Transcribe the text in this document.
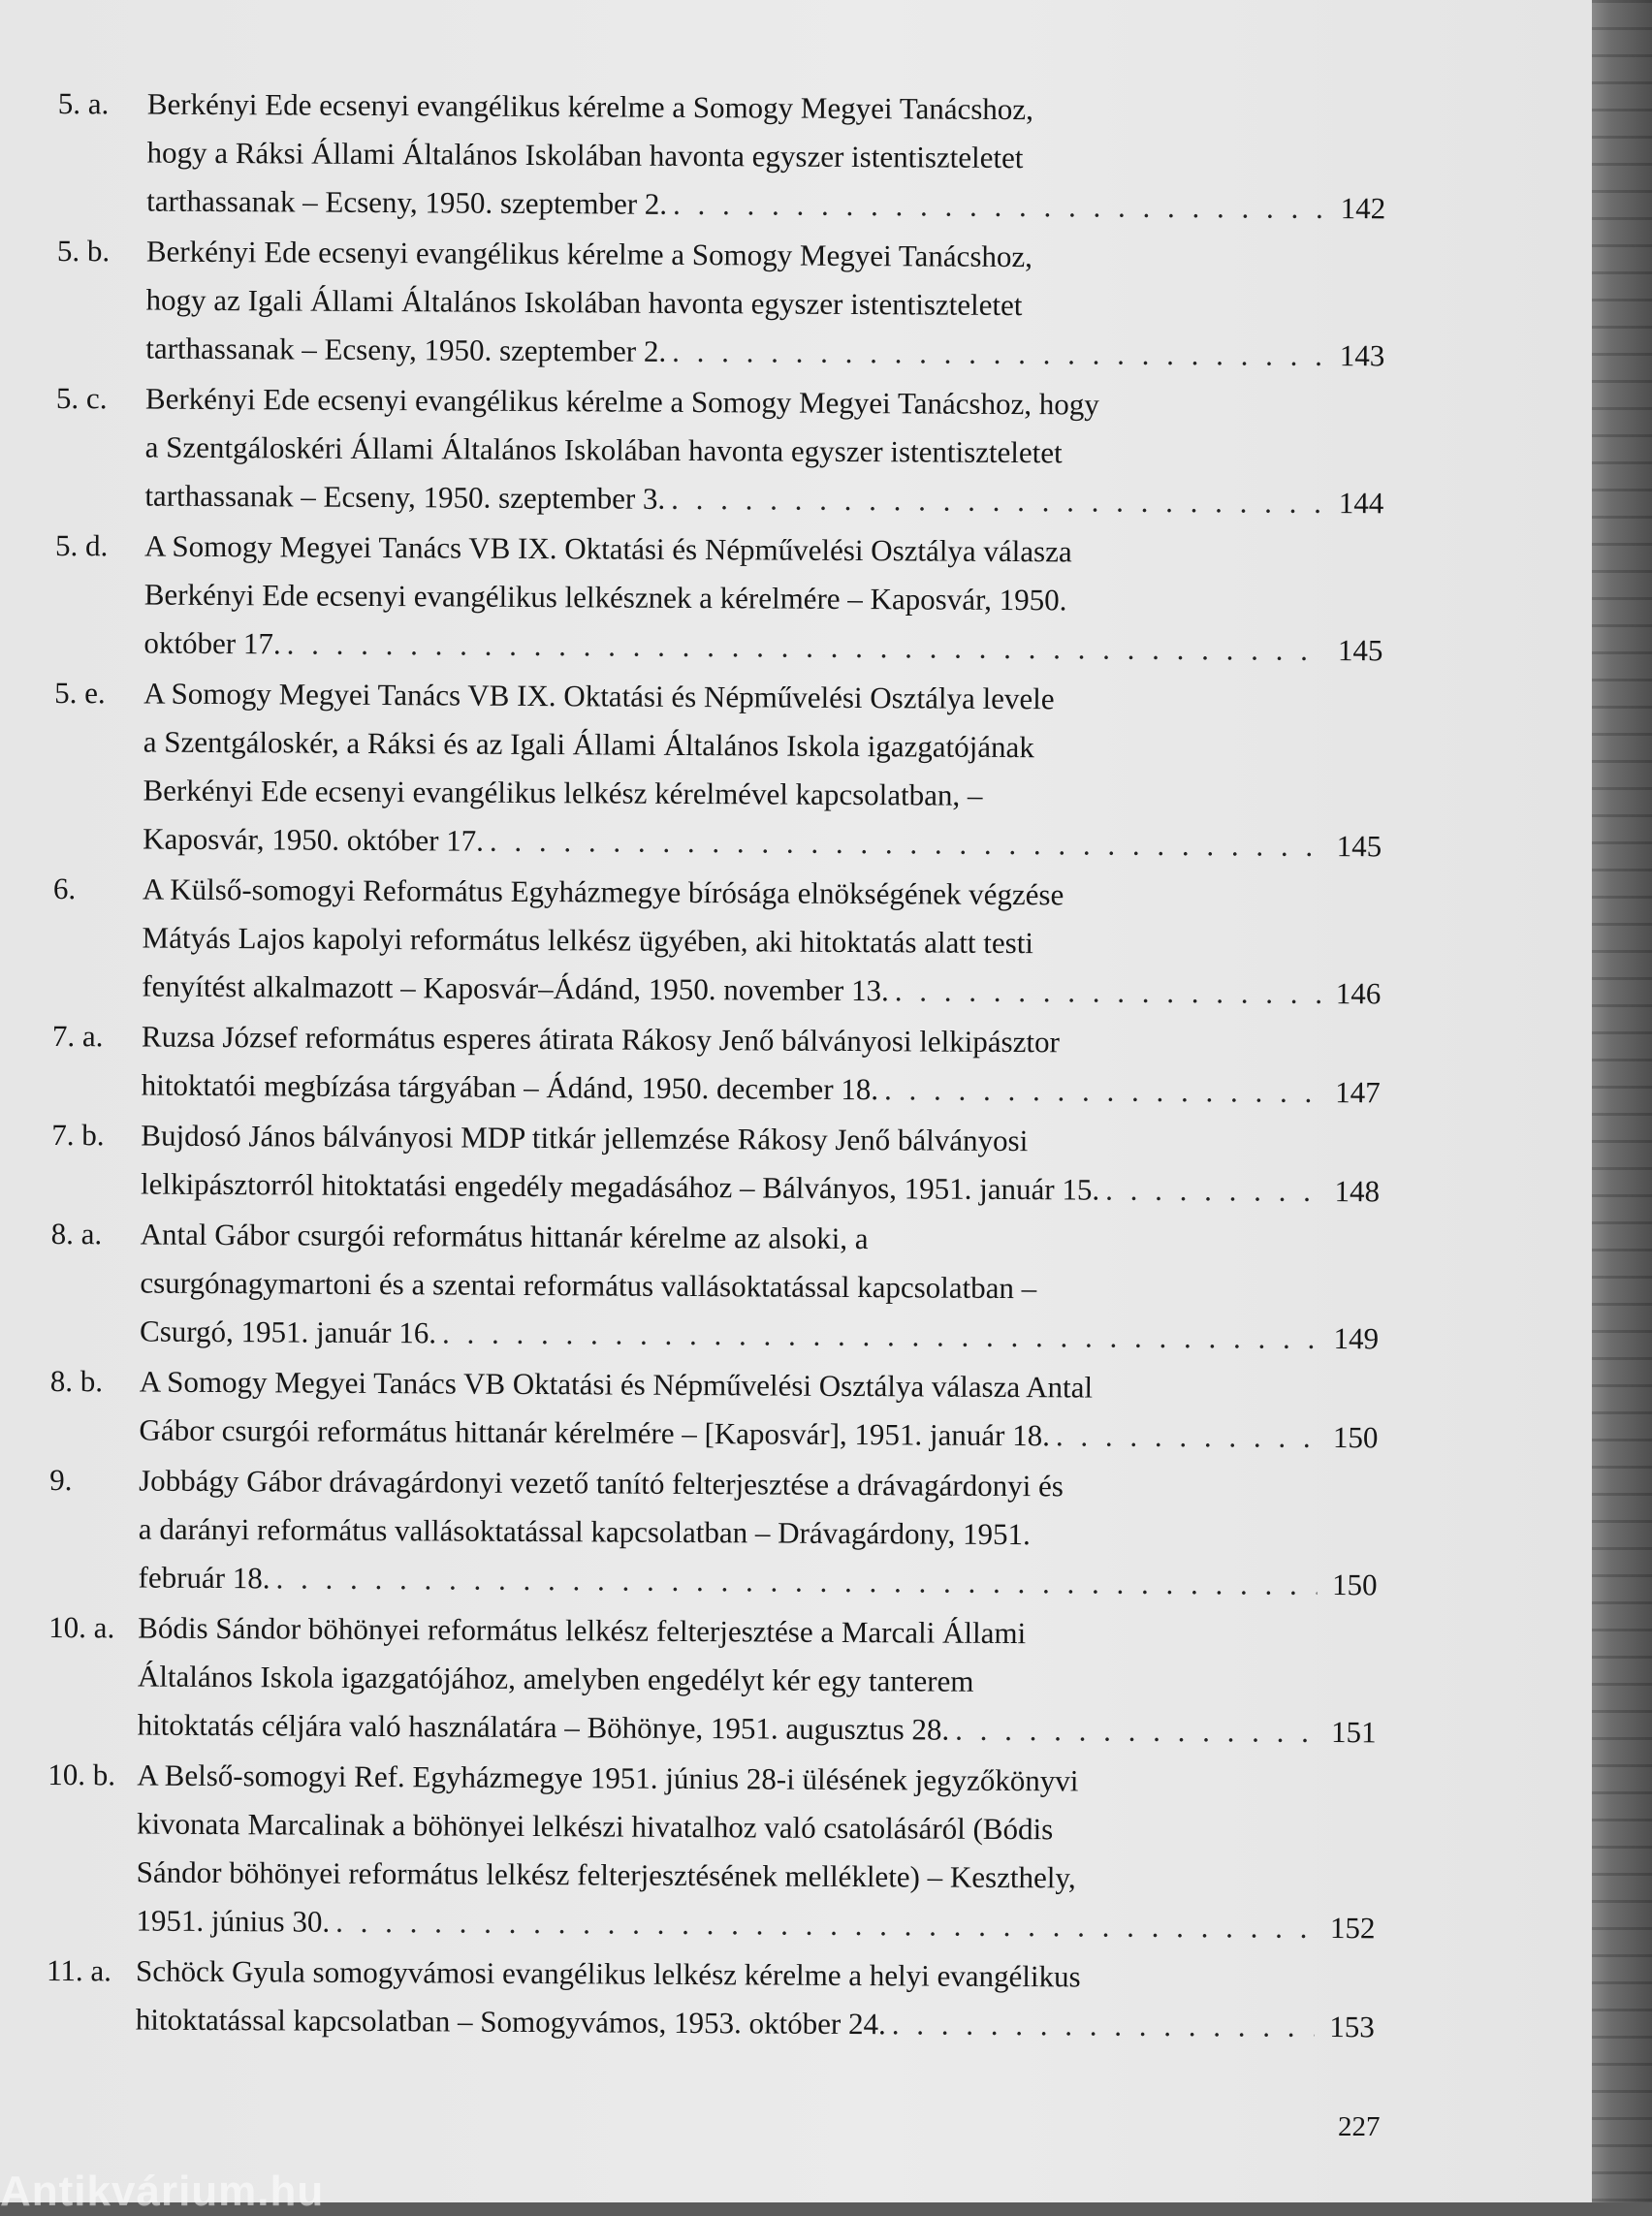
5. a.	Berkényi Ede ecsenyi evangélikus kérelme a Somogy Megyei Tanácshoz,
hogy a Ráksi Állami Általános Iskolában havonta egyszer istentiszteletet
tarthassanak – Ecseny, 1950. szeptember 2. . . .	142
5. b.	Berkényi Ede ecsenyi evangélikus kérelme a Somogy Megyei Tanácshoz,
hogy az Igali Állami Általános Iskolában havonta egyszer istentiszteletet
tarthassanak – Ecseny, 1950. szeptember 2. . . .	143
5. c.	Berkényi Ede ecsenyi evangélikus kérelme a Somogy Megyei Tanácshoz, hogy
a Szentgáloskéri Állami Általános Iskolában havonta egyszer istentiszteletet
tarthassanak – Ecseny, 1950. szeptember 3. . . .	144
5. d.	A Somogy Megyei Tanács VB IX. Oktatási és Népművelési Osztálya válasza
Berkényi Ede ecsenyi evangélikus lelkésznek a kérelmére – Kaposvár, 1950.
október 17. . . .	145
5. e.	A Somogy Megyei Tanács VB IX. Oktatási és Népművelési Osztálya levele
a Szentgáloskér, a Ráksi és az Igali Állami Általános Iskola igazgatójának
Berkényi Ede ecsenyi evangélikus lelkész kérelmével kapcsolatban, –
Kaposvár, 1950. október 17. . . .	145
6.	A Külső-somogyi Református Egyházmegye bírósága elnökségének végzése
Mátyás Lajos kapolyi református lelkész ügyében, aki hitoktatás alatt testi
fenyítést alkalmazott – Kaposvár–Ádánd, 1950. november 13. . . .	146
7. a.	Ruzsa József református esperes átirata Rákosy Jenő bálványosi lelkipásztor
hitoktatói megbízása tárgyában – Ádánd, 1950. december 18. . . .	147
7. b.	Bujdosó János bálványosi MDP titkár jellemzése Rákosy Jenő bálványosi
lelkipásztorról hitoktatási engedély megadásához – Bálványos, 1951. január 15. . . .	148
8. a.	Antal Gábor csurgói református hittanár kérelme az alsoki, a
csurgónagymartoni és a szentai református vallásoktatással kapcsolatban –
Csurgó, 1951. január 16. . . .	149
8. b.	A Somogy Megyei Tanács VB Oktatási és Népművelési Osztálya válasza Antal
Gábor csurgói református hittanár kérelmére – [Kaposvár], 1951. január 18. . . .	150
9.	Jobbágy Gábor drávagárdonyi vezető tanító felterjesztése a drávagárdonyi és
a darányi református vallásoktatással kapcsolatban – Drávagárdony, 1951.
február 18. . . .	150
10. a. Bódis Sándor böhönyei református lelkész felterjesztése a Marcali Állami
Általános Iskola igazgatójához, amelyben engedélyt kér egy tanterem
hitoktatás céljára való használatára – Böhönye, 1951. augusztus 28. . . .	151
10. b. A Belső-somogyi Ref. Egyházmegye 1951. június 28-i ülésének jegyzőkönyvi
kivonata Marcalinak a böhönyei lelkészi hivatalhoz való csatolásáról (Bódis
Sándor böhönyei református lelkész felterjesztésének melléklete) – Keszthely,
1951. június 30. . . .	152
11. a. Schöck Gyula somogyvámosi evangélikus lelkész kérelme a helyi evangélikus
hitoktatással kapcsolatban – Somogyvámos, 1953. október 24. . . .	153
227
Antikvárium.hu
